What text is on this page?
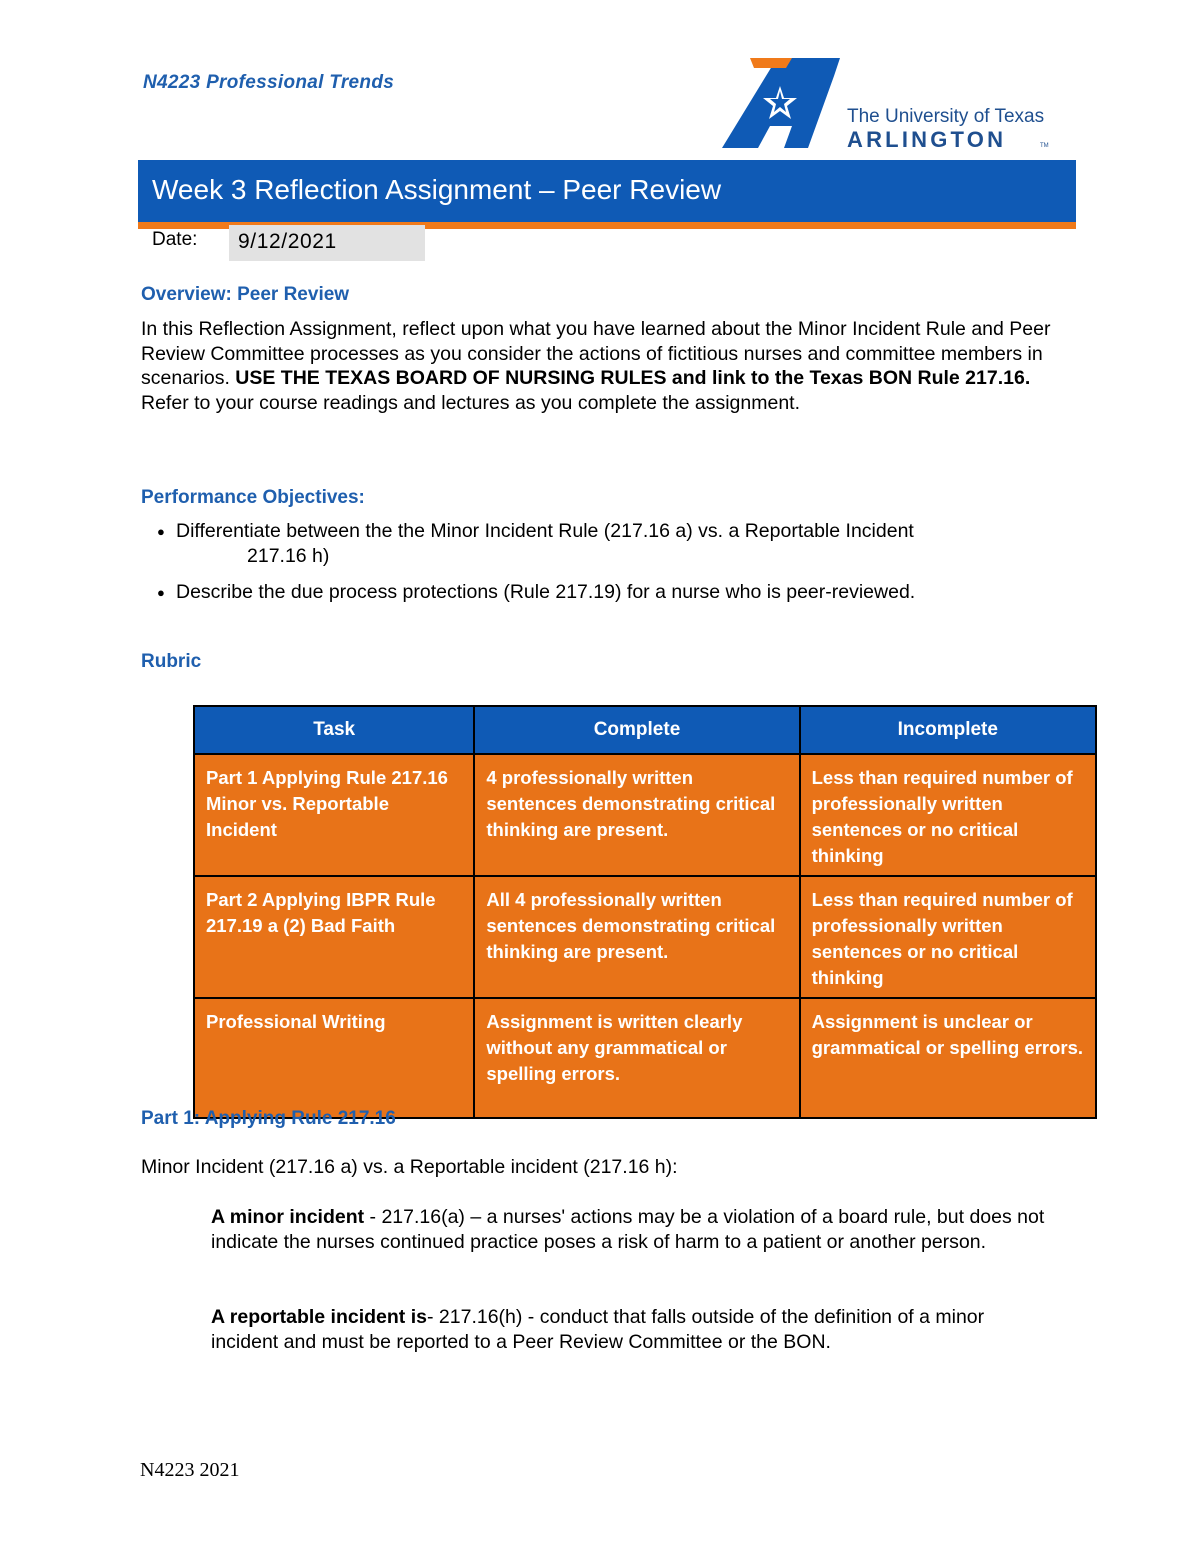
N4223 Professional Trends
The University of Texas
ARLINGTON	TM
Week 3 Reflection Assignment – Peer Review
Date: 9/12/2021
Overview: Peer Review
In this Reflection Assignment, reflect upon what you have learned about the Minor Incident Rule and Peer Review Committee processes as you consider the actions of fictitious nurses and committee members in scenarios. USE THE TEXAS BOARD OF NURSING RULES and link to the Texas BON Rule 217.16. Refer to your course readings and lectures as you complete the assignment.
Performance Objectives:
● Differentiate between the the Minor Incident Rule (217.16 a) vs. a Reportable Incident
217.16 h)
● Describe the due process protections (Rule 217.19) for a nurse who is peer-reviewed.
Rubric
Task	Complete	Incomplete
Part 1 Applying Rule 217.16 Minor vs. Reportable Incident	4 professionally written sentences demonstrating critical thinking are present.	Less than required number of professionally written sentences or no critical thinking
Part 2 Applying IBPR Rule 217.19 a (2) Bad Faith	All 4 professionally written sentences demonstrating critical thinking are present.	Less than required number of professionally written sentences or no critical thinking
Professional Writing	Assignment is written clearly without any grammatical or spelling errors.	Assignment is unclear or grammatical or spelling errors.
Part 1: Applying Rule 217.16
Minor Incident (217.16 a) vs. a Reportable incident (217.16 h):
A minor incident - 217.16(a) – a nurses' actions may be a violation of a board rule, but does not indicate the nurses continued practice poses a risk of harm to a patient or another person.
A reportable incident is- 217.16(h) - conduct that falls outside of the definition of a minor incident and must be reported to a Peer Review Committee or the BON.
N4223 2021
